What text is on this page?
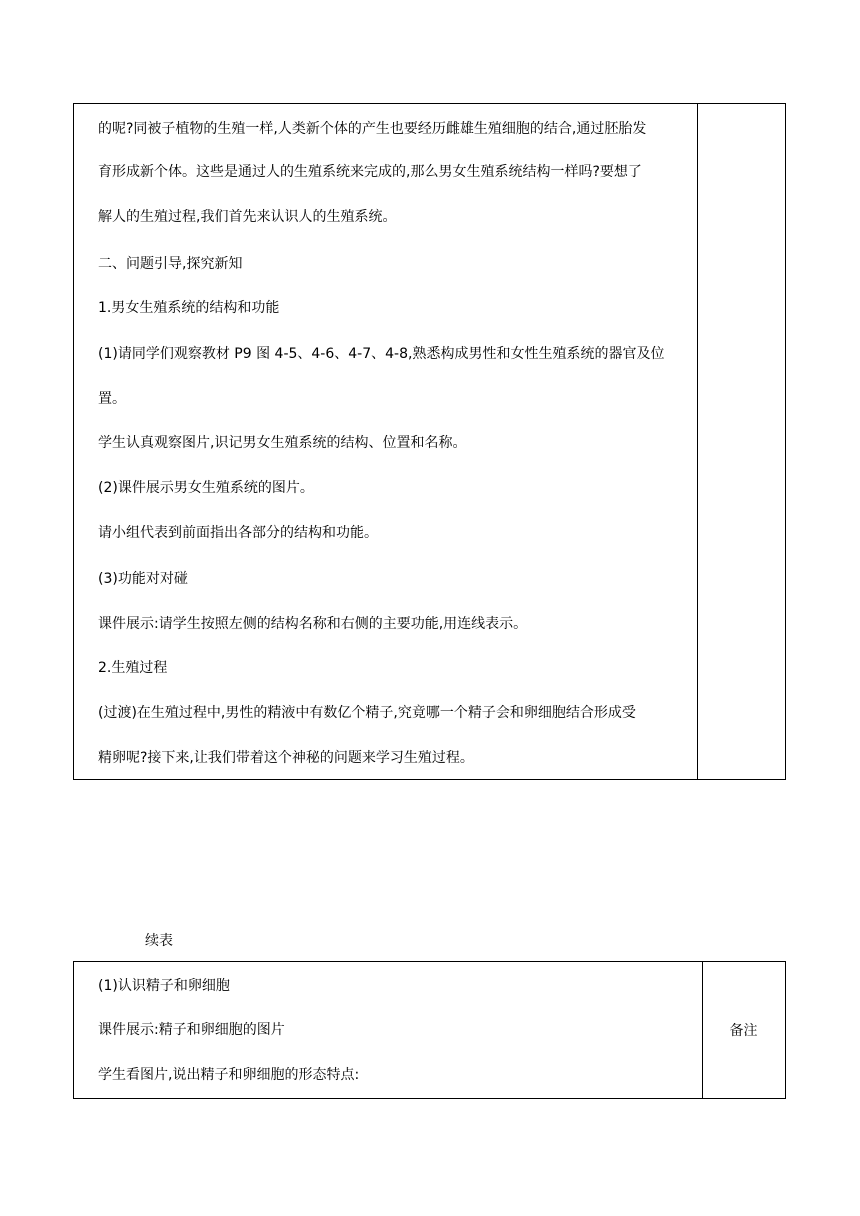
的呢?同被子植物的生殖一样,人类新个体的产生也要经历雌雄生殖细胞的结合,通过胚胎发
育形成新个体。这些是通过人的生殖系统来完成的,那么男女生殖系统结构一样吗?要想了
解人的生殖过程,我们首先来认识人的生殖系统。
二、问题引导,探究新知
1.男女生殖系统的结构和功能
(1)请同学们观察教材 P9 图 4-5、4-6、4-7、4-8,熟悉构成男性和女性生殖系统的器官及位
置。
学生认真观察图片,识记男女生殖系统的结构、位置和名称。
(2)课件展示男女生殖系统的图片。
请小组代表到前面指出各部分的结构和功能。
(3)功能对对碰
课件展示:请学生按照左侧的结构名称和右侧的主要功能,用连线表示。
2.生殖过程
(过渡)在生殖过程中,男性的精液中有数亿个精子,究竟哪一个精子会和卵细胞结合形成受
精卵呢?接下来,让我们带着这个神秘的问题来学习生殖过程。
续表
(1)认识精子和卵细胞
课件展示:精子和卵细胞的图片
学生看图片,说出精子和卵细胞的形态特点:
备注
